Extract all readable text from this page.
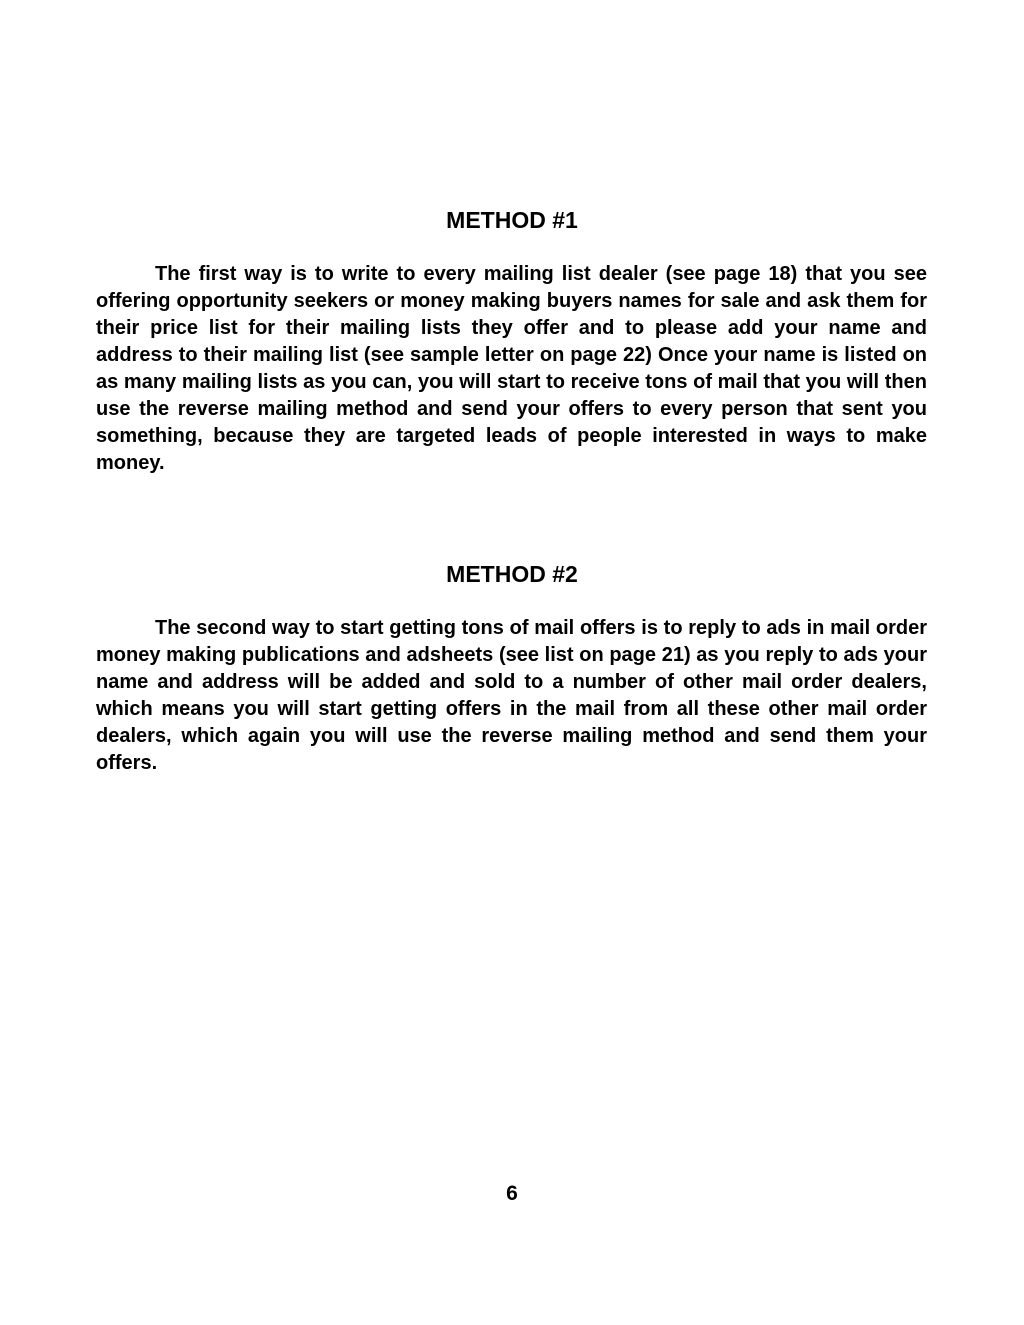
METHOD #1

The first way is to write to every mailing list dealer (see page 18) that you see offering opportunity seekers or money making buyers names for sale and ask them for their price list for their mailing lists they offer and to please add your name and address to their mailing list (see sample letter on page 22) Once your name is listed on as many mailing lists as you can, you will start to receive tons of mail that you will then use the reverse mailing method and send your offers to every person that sent you something, because they are targeted leads of people interested in ways to make money.

METHOD #2

The second way to start getting tons of mail offers is to reply to ads in mail order money making publications and adsheets (see list on page 21) as you reply to ads your name and address will be added and sold to a number of other mail order dealers, which means you will start getting offers in the mail from all these other mail order dealers, which again you will use the reverse mailing method and send them your offers.

6
